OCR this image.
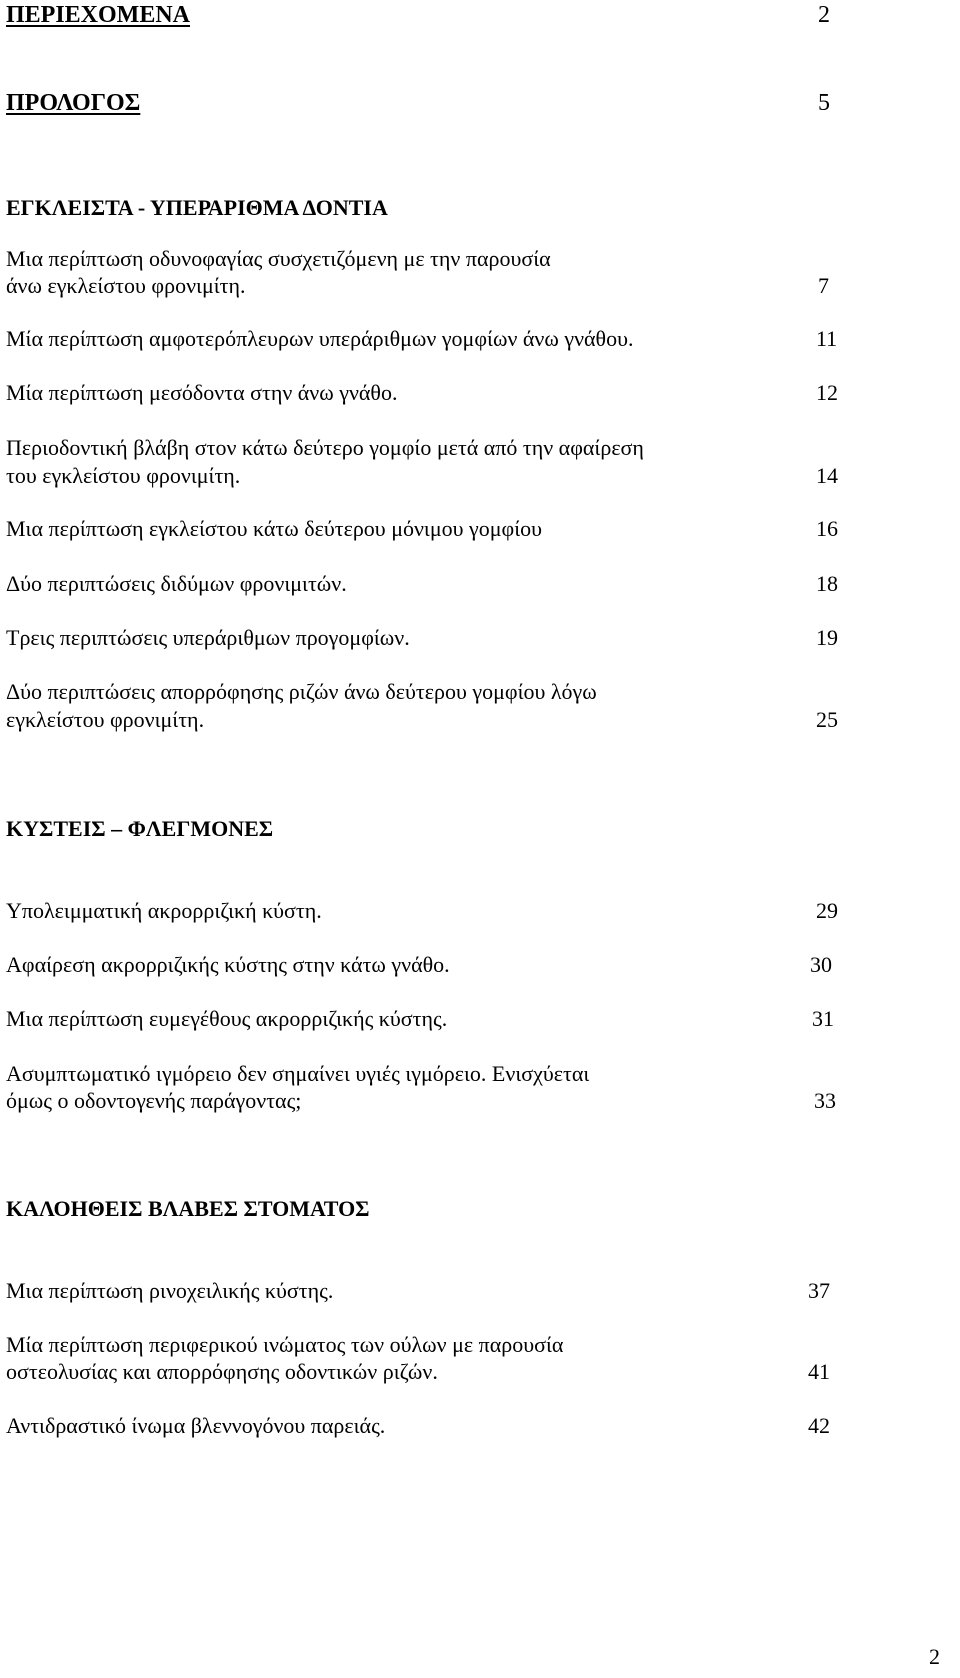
ΠΕΡΙΕΧΟΜΕΝΑ	2
ΠΡΟΛΟΓΟΣ	5
ΕΓΚΛΕΙΣΤΑ - ΥΠΕΡΑΡΙΘΜΑ ΔΟΝΤΙΑ
Μια περίπτωση οδυνοφαγίας συσχετιζόμενη με την παρουσία
άνω εγκλείστου φρονιμίτη.	7
Μία περίπτωση αμφοτερόπλευρων υπεράριθμων γομφίων άνω γνάθου.	11
Μία περίπτωση μεσόδοντα στην άνω γνάθο.	12
Περιοδοντική βλάβη στον κάτω δεύτερο γομφίο μετά από την αφαίρεση
του εγκλείστου φρονιμίτη.	14
Μια περίπτωση εγκλείστου κάτω δεύτερου μόνιμου γομφίου	16
Δύο περιπτώσεις διδύμων φρονιμιτών.	18
Τρεις περιπτώσεις υπεράριθμων προγομφίων.	19
Δύο περιπτώσεις απορρόφησης ριζών άνω δεύτερου γομφίου λόγω
εγκλείστου φρονιμίτη.	25
ΚΥΣΤΕΙΣ – ΦΛΕΓΜΟΝΕΣ
Υπολειμματική ακρορριζική κύστη.	29
Αφαίρεση ακρορριζικής κύστης στην κάτω γνάθο.	30
Μια περίπτωση ευμεγέθους ακρορριζικής κύστης.	31
Ασυμπτωματικό ιγμόρειο δεν σημαίνει υγιές ιγμόρειο. Ενισχύεται
όμως ο οδοντογενής παράγοντας;	33
ΚΑΛΟΗΘΕΙΣ ΒΛΑΒΕΣ ΣΤΟΜΑΤΟΣ
Μια περίπτωση ρινοχειλικής κύστης.	37
Μία περίπτωση περιφερικού ινώματος των ούλων με παρουσία
οστεολυσίας και απορρόφησης οδοντικών ριζών.	41
Αντιδραστικό ίνωμα βλεννογόνου παρειάς.	42
2
